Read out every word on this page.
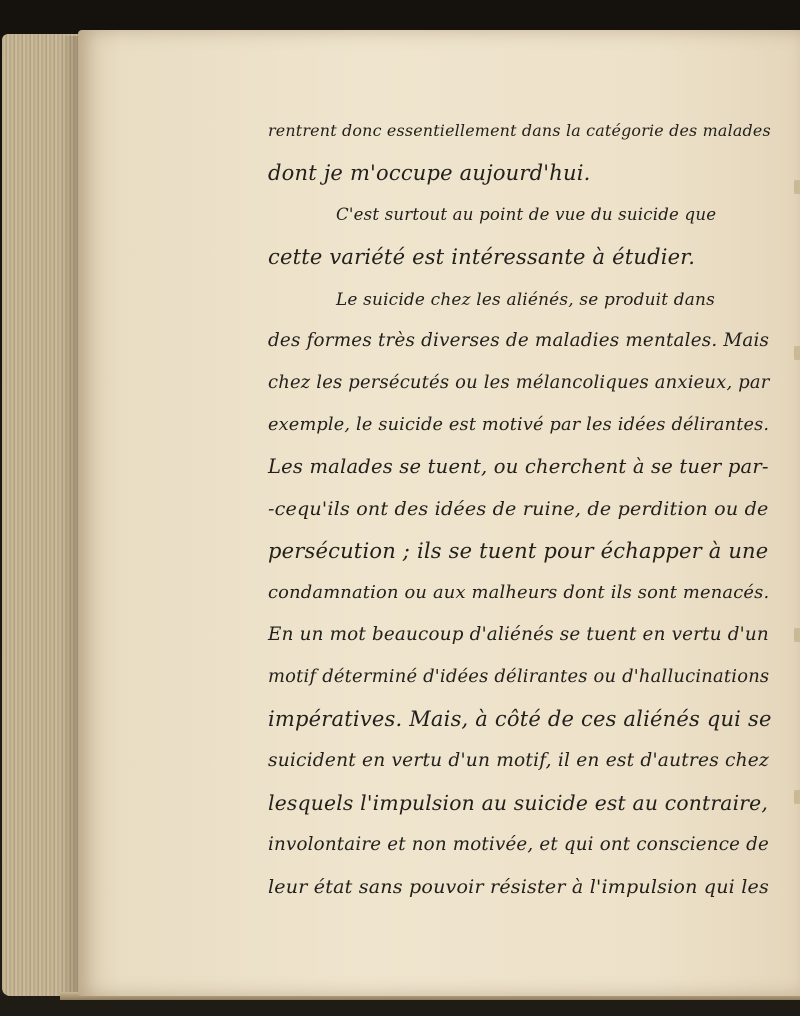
rentrent donc essentiellement dans la catégorie des malades
dont je m'occupe aujourd'hui.
C'est surtout au point de vue du suicide que
cette variété est intéressante à étudier.
Le suicide chez les aliénés, se produit dans
des formes très diverses de maladies mentales. Mais
chez les persécutés ou les mélancoliques anxieux, par
exemple, le suicide est motivé par les idées délirantes.
Les malades se tuent, ou cherchent à se tuer par-
-cequ'ils ont des idées de ruine, de perdition ou de
persécution ; ils se tuent pour échapper à une
condamnation ou aux malheurs dont ils sont menacés.
En un mot beaucoup d'aliénés se tuent en vertu d'un
motif déterminé d'idées délirantes ou d'hallucinations
impératives. Mais, à côté de ces aliénés qui se
suicident en vertu d'un motif, il en est d'autres chez
lesquels l'impulsion au suicide est au contraire,
involontaire et non motivée, et qui ont conscience de
leur état sans pouvoir résister à l'impulsion qui les
